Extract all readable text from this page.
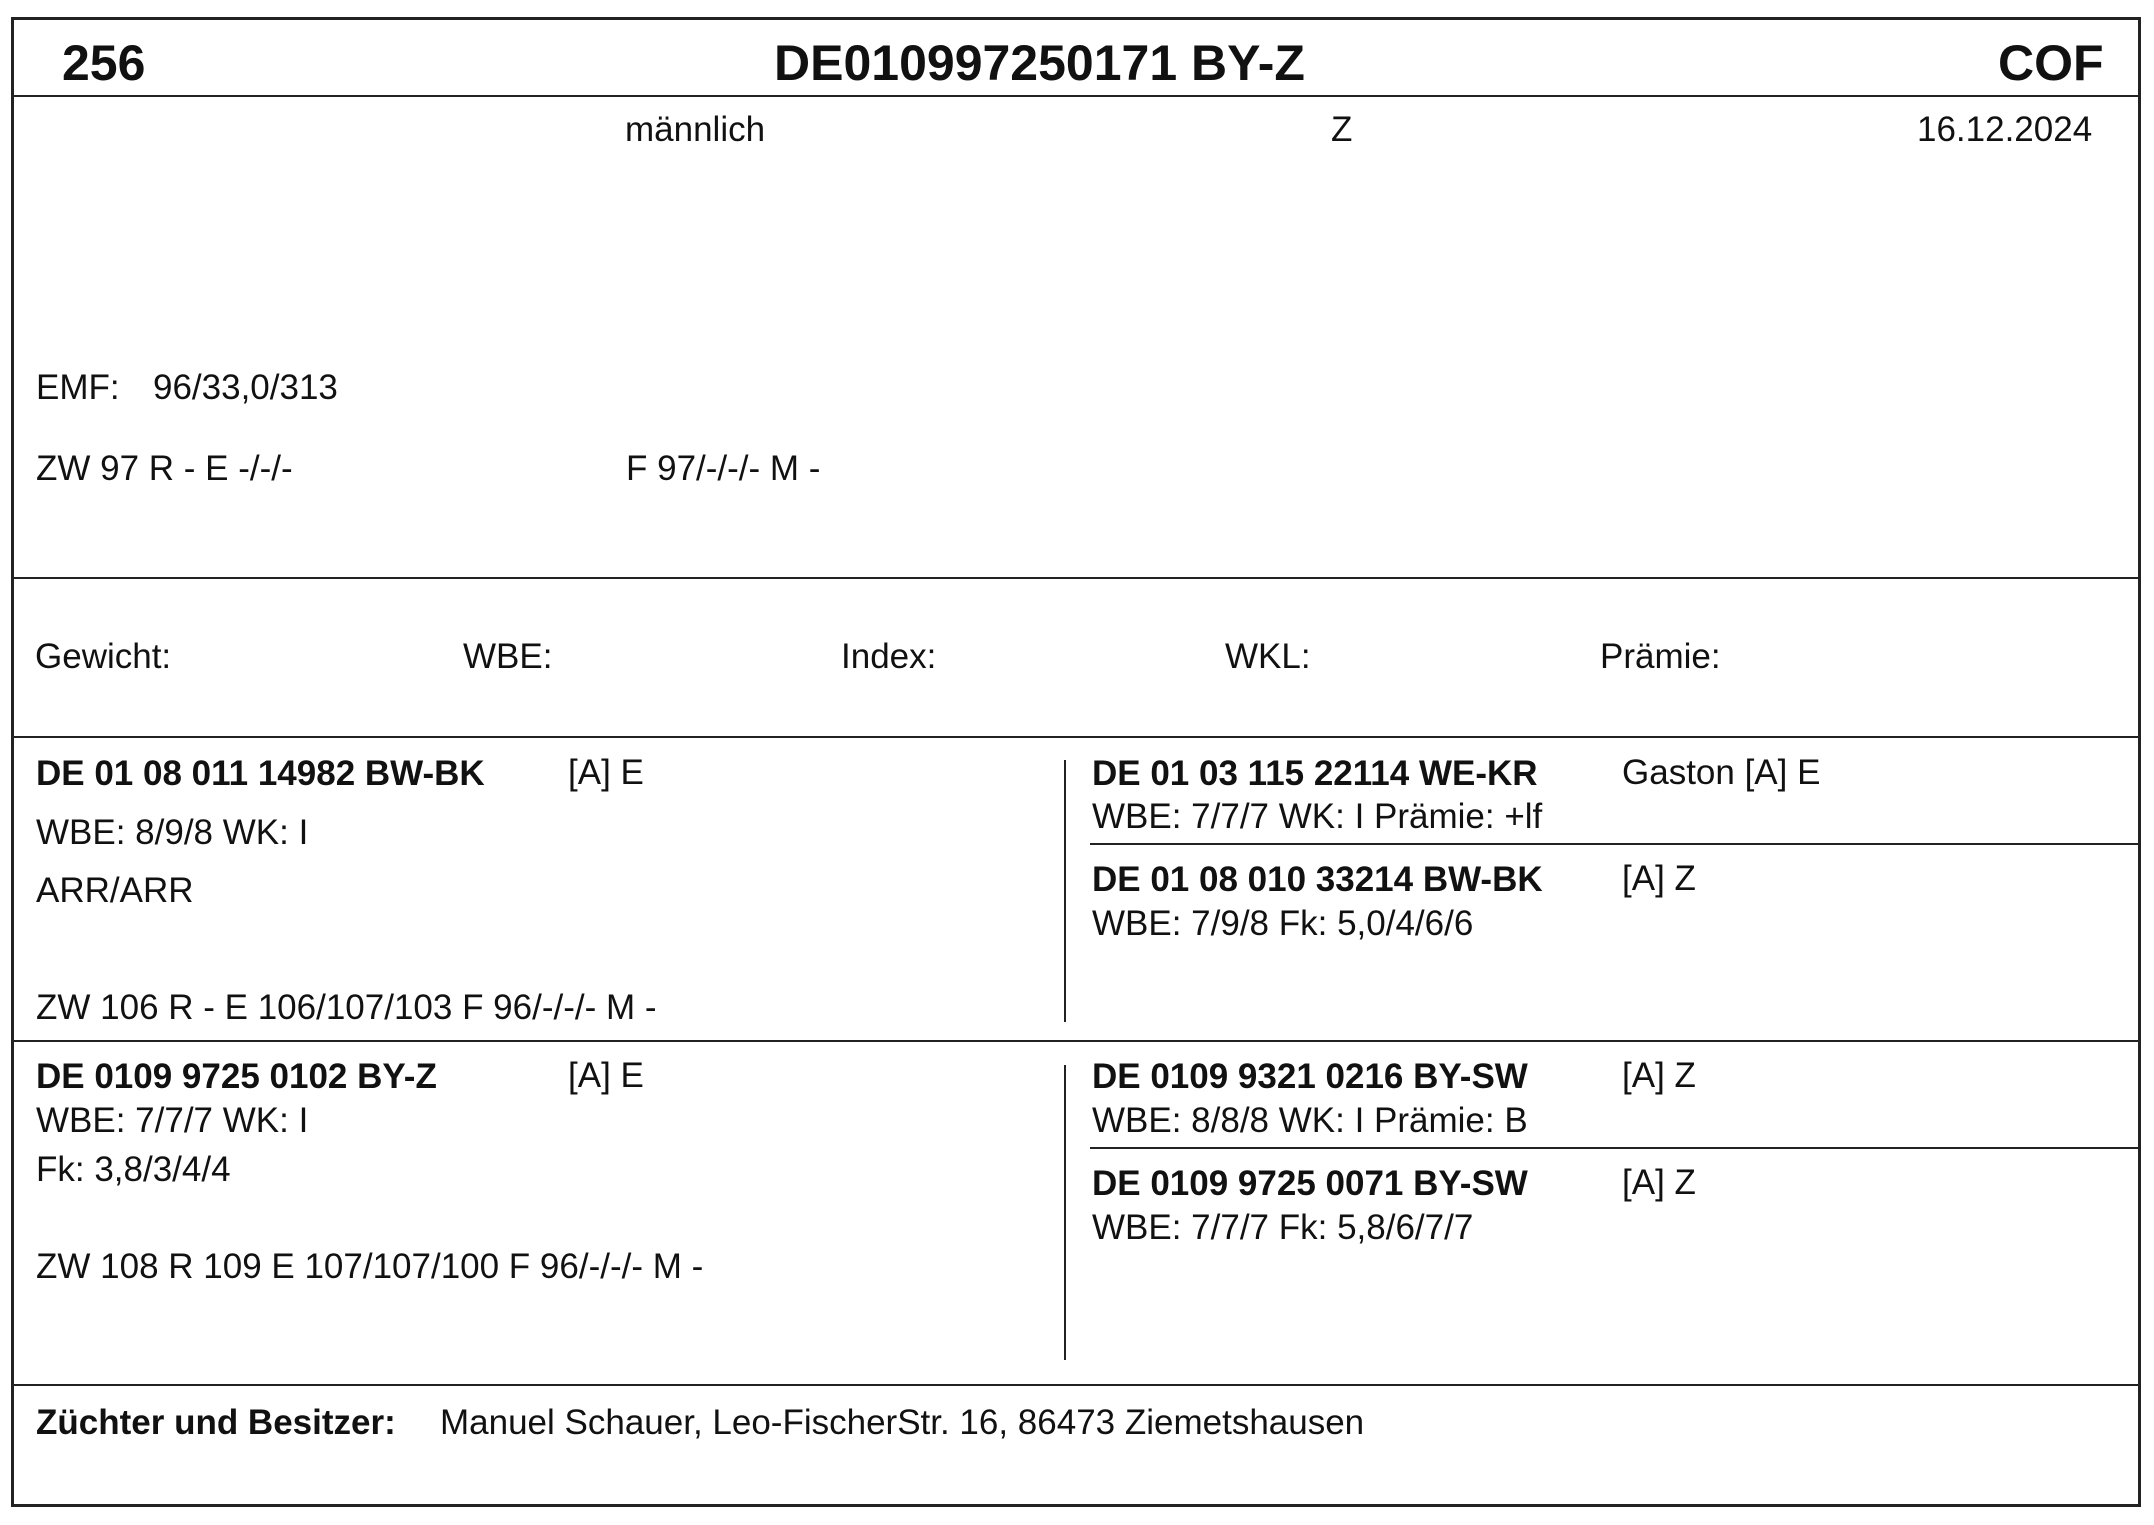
256	DE010997250171 BY-Z	COF
männlich	Z	16.12.2024
EMF: 96/33,0/313
ZW 97 R - E -/-/-	F 97/-/-/- M -
Gewicht:	WBE:	Index:	WKL:	Prämie:
DE 01 08 011 14982 BW-BK [A] E
WBE: 8/9/8 WK: I
ARR/ARR
ZW 106 R - E 106/107/103 F 96/-/-/- M -
DE 01 03 115 22114 WE-KR Gaston [A] E
WBE: 7/7/7 WK: I Prämie: +lf
DE 01 08 010 33214 BW-BK [A] Z
WBE: 7/9/8 Fk: 5,0/4/6/6
DE 0109 9725 0102 BY-Z	[A] E
WBE: 7/7/7 WK: I
Fk: 3,8/3/4/4
ZW 108 R 109 E 107/107/100 F 96/-/-/- M -
DE 0109 9321 0216 BY-SW	[A] Z
WBE: 8/8/8 WK: I Prämie: B
DE 0109 9725 0071 BY-SW	[A] Z
WBE: 7/7/7 Fk: 5,8/6/7/7
Züchter und Besitzer: Manuel Schauer, Leo-FischerStr. 16, 86473 Ziemetshausen
